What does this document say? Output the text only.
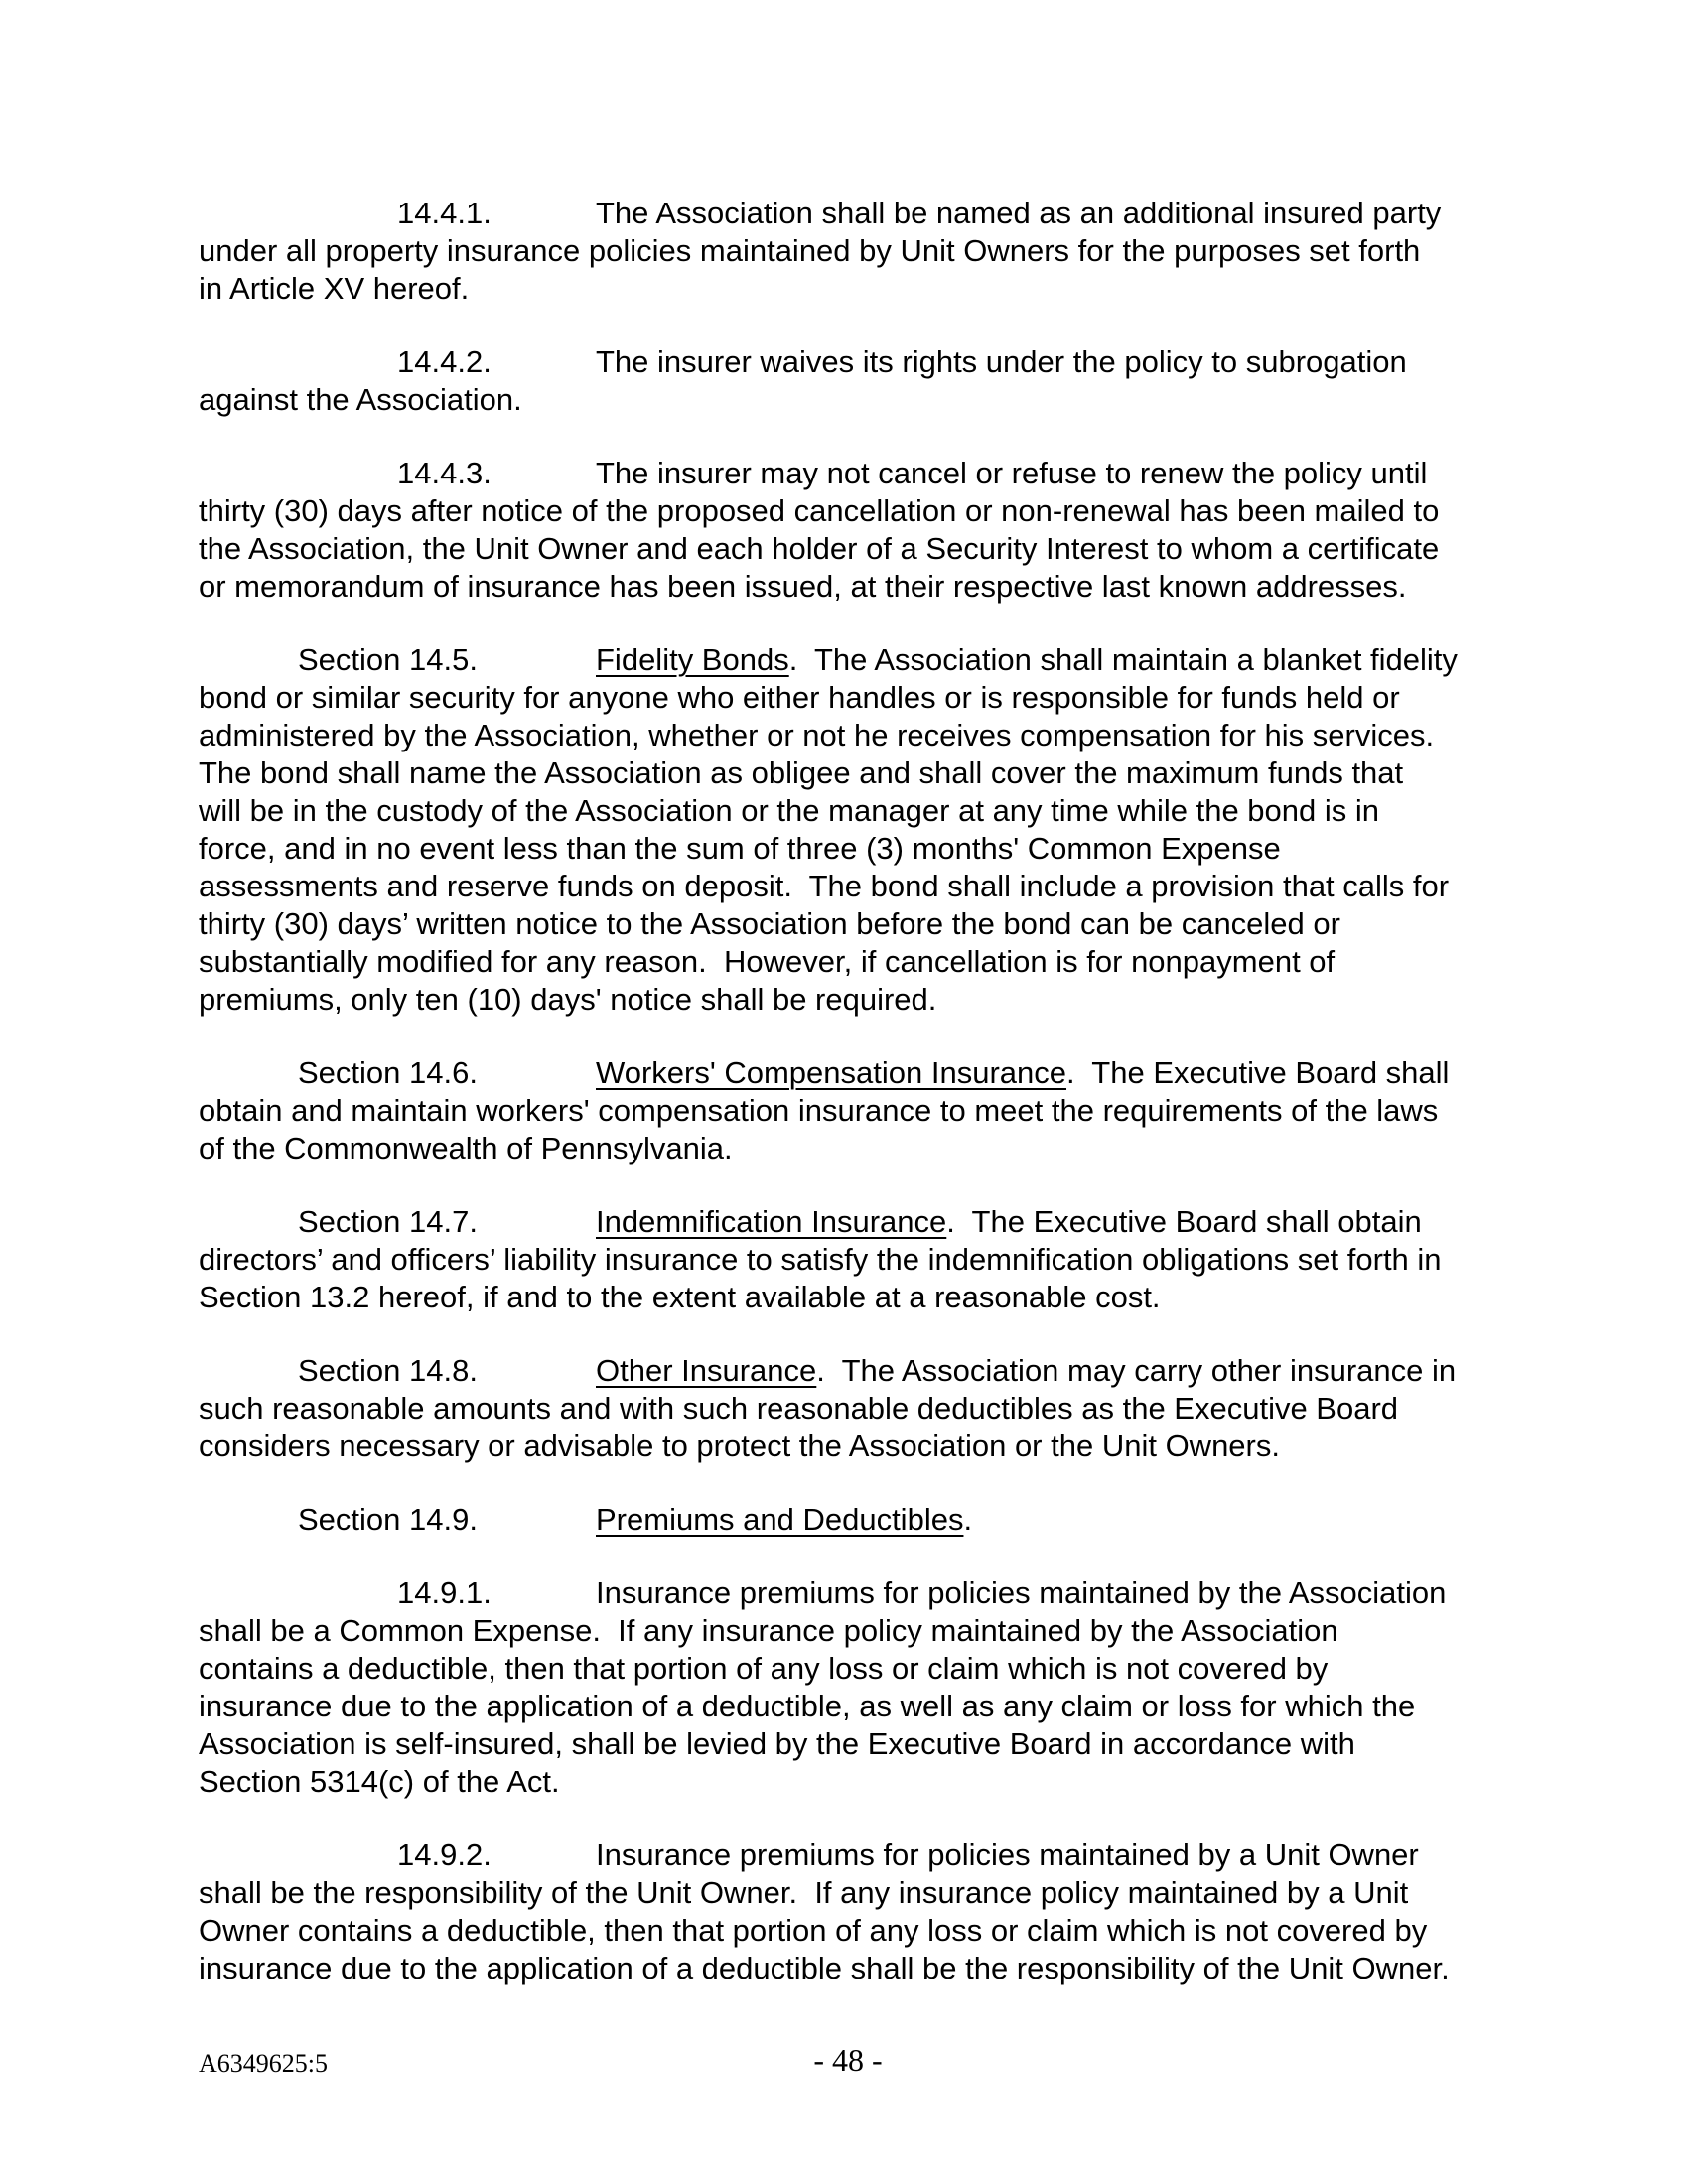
14.4.1.	The Association shall be named as an additional insured party
under all property insurance policies maintained by Unit Owners for the purposes set forth
in Article XV hereof.
14.4.2.	The insurer waives its rights under the policy to subrogation
against the Association.
14.4.3.	The insurer may not cancel or refuse to renew the policy until
thirty (30) days after notice of the proposed cancellation or non-renewal has been mailed to
the Association, the Unit Owner and each holder of a Security Interest to whom a certificate
or memorandum of insurance has been issued, at their respective last known addresses.
Section 14.5.	Fidelity Bonds.  The Association shall maintain a blanket fidelity
bond or similar security for anyone who either handles or is responsible for funds held or
administered by the Association, whether or not he receives compensation for his services.
The bond shall name the Association as obligee and shall cover the maximum funds that
will be in the custody of the Association or the manager at any time while the bond is in
force, and in no event less than the sum of three (3) months' Common Expense
assessments and reserve funds on deposit.  The bond shall include a provision that calls for
thirty (30) days’ written notice to the Association before the bond can be canceled or
substantially modified for any reason.  However, if cancellation is for nonpayment of
premiums, only ten (10) days' notice shall be required.
Section 14.6.	Workers' Compensation Insurance.  The Executive Board shall
obtain and maintain workers' compensation insurance to meet the requirements of the laws
of the Commonwealth of Pennsylvania.
Section 14.7.	Indemnification Insurance.  The Executive Board shall obtain
directors’ and officers’ liability insurance to satisfy the indemnification obligations set forth in
Section 13.2 hereof, if and to the extent available at a reasonable cost.
Section 14.8.	Other Insurance.  The Association may carry other insurance in
such reasonable amounts and with such reasonable deductibles as the Executive Board
considers necessary or advisable to protect the Association or the Unit Owners.
Section 14.9.	Premiums and Deductibles.
14.9.1.	Insurance premiums for policies maintained by the Association
shall be a Common Expense.  If any insurance policy maintained by the Association
contains a deductible, then that portion of any loss or claim which is not covered by
insurance due to the application of a deductible, as well as any claim or loss for which the
Association is self-insured, shall be levied by the Executive Board in accordance with
Section 5314(c) of the Act.
14.9.2.	Insurance premiums for policies maintained by a Unit Owner
shall be the responsibility of the Unit Owner.  If any insurance policy maintained by a Unit
Owner contains a deductible, then that portion of any loss or claim which is not covered by
insurance due to the application of a deductible shall be the responsibility of the Unit Owner.
A6349625:5	- 48 -
